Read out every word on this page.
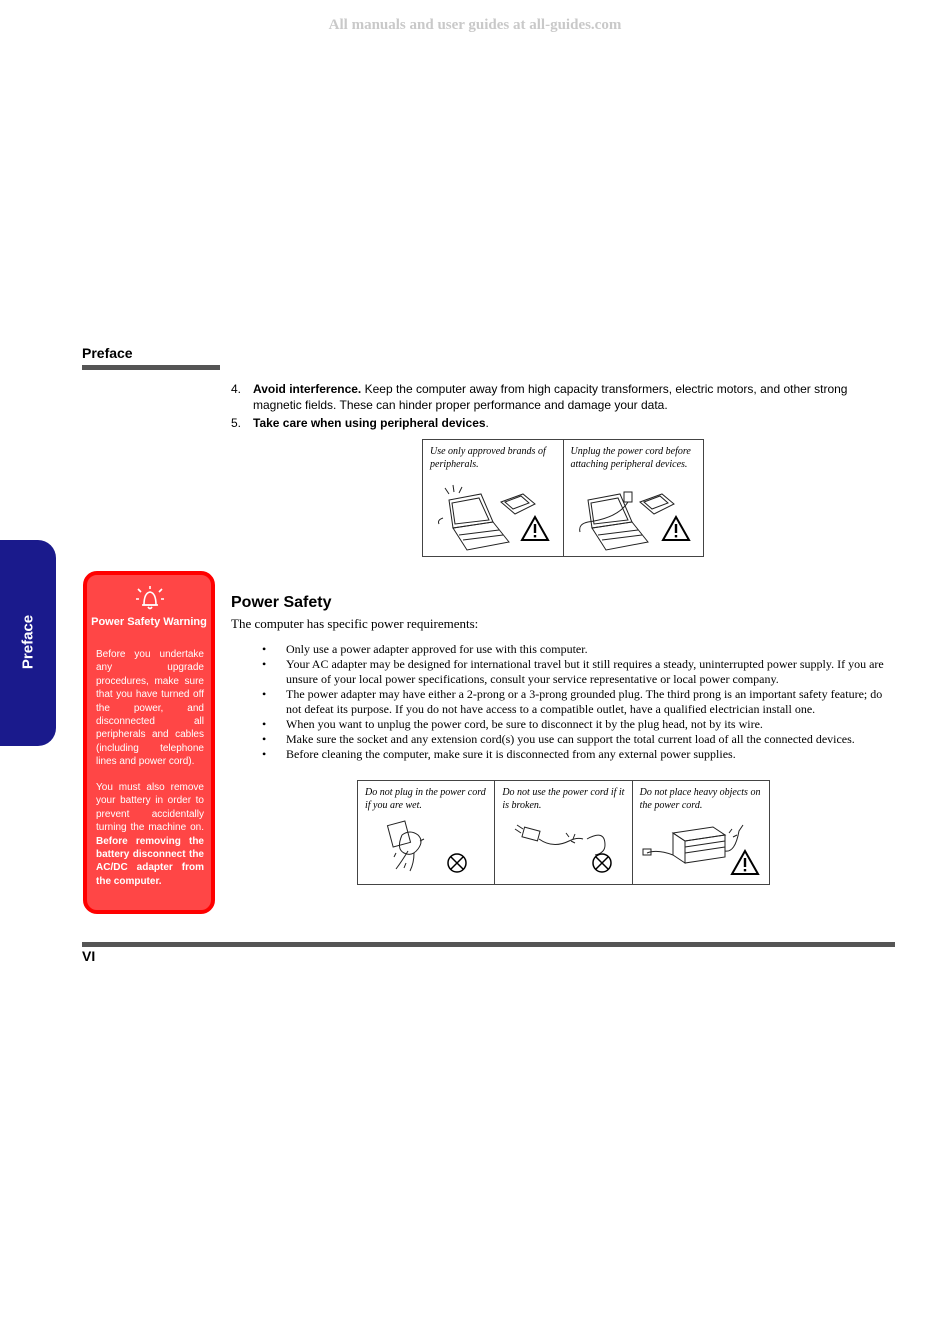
All manuals and user guides at all-guides.com
Preface
Preface
4. Avoid interference. Keep the computer away from high capacity transformers, electric motors, and other strong magnetic fields. These can hinder proper performance and damage your data.
5. Take care when using peripheral devices.
Use only approved brands of peripherals.
Unplug the power cord before attaching peripheral devices.
Power Safety Warning
Before you undertake any upgrade procedures, make sure that you have turned off the power, and disconnected all peripherals and cables (including telephone lines and power cord).
You must also remove your battery in order to prevent accidentally turning the machine on. Before removing the battery disconnect the AC/DC adapter from the computer.
Power Safety
The computer has specific power requirements:
• Only use a power adapter approved for use with this computer.
• Your AC adapter may be designed for international travel but it still requires a steady, uninterrupted power supply. If you are unsure of your local power specifications, consult your service representative or local power company.
• The power adapter may have either a 2-prong or a 3-prong grounded plug. The third prong is an important safety feature; do not defeat its purpose. If you do not have access to a compatible outlet, have a qualified electrician install one.
• When you want to unplug the power cord, be sure to disconnect it by the plug head, not by its wire.
• Make sure the socket and any extension cord(s) you use can support the total current load of all the connected devices.
• Before cleaning the computer, make sure it is disconnected from any external power supplies.
Do not plug in the power cord if you are wet.
Do not use the power cord if it is broken.
Do not place heavy objects on the power cord.
VI
